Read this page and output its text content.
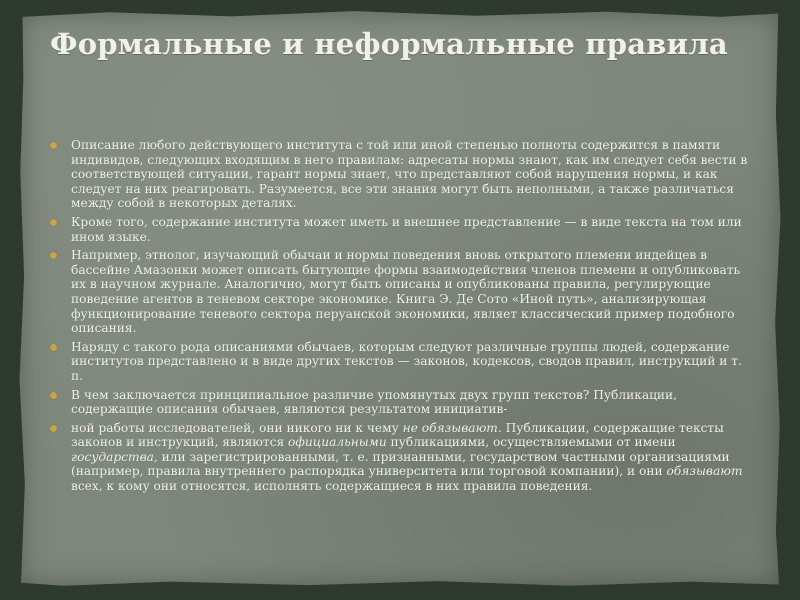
Формальные и неформальные правила
Описание любого действующего института с той или иной степенью полноты содержится в памяти индивидов, следующих входящим в него правилам: адресаты нормы знают, как им следует себя вести в соответствующей ситуации, гарант нормы знает, что представляют собой нарушения нормы, и как следует на них реагировать. Разумеется, все эти знания могут быть неполными, а также различаться между собой в некоторых деталях.
Кроме того, содержание института может иметь и внешнее представление — в виде текста на том или ином языке.
Например, этнолог, изучающий обычаи и нормы поведения вновь открытого племени индейцев в бассейне Амазонки может описать бытующие формы взаимодействия членов племени и опубликовать их в научном журнале. Аналогично, могут быть описаны и опубликованы правила, регулирующие поведение агентов в теневом секторе экономике. Книга Э. Де Сото «Иной путь», анализирующая функционирование теневого сектора перуанской экономики, являет классический пример подобного описания.
Наряду с такого рода описаниями обычаев, которым следуют различные группы людей, содержание институтов представлено и в виде других текстов — законов, кодексов, сводов правил, инструкций и т. п.
В чем заключается принципиальное различие упомянутых двух групп текстов? Публикации, содержащие описания обычаев, являются результатом инициатив-
ной работы исследователей, они никого ни к чему не обязывают. Публикации, содержащие тексты законов и инструкций, являются официальными публикациями, осуществляемыми от имени государства, или зарегистрированными, т. е. признанными, государством частными организациями (например, правила внутреннего распорядка университета или торговой компании), и они обязывают всех, к кому они относятся, исполнять содержащиеся в них правила поведения.
